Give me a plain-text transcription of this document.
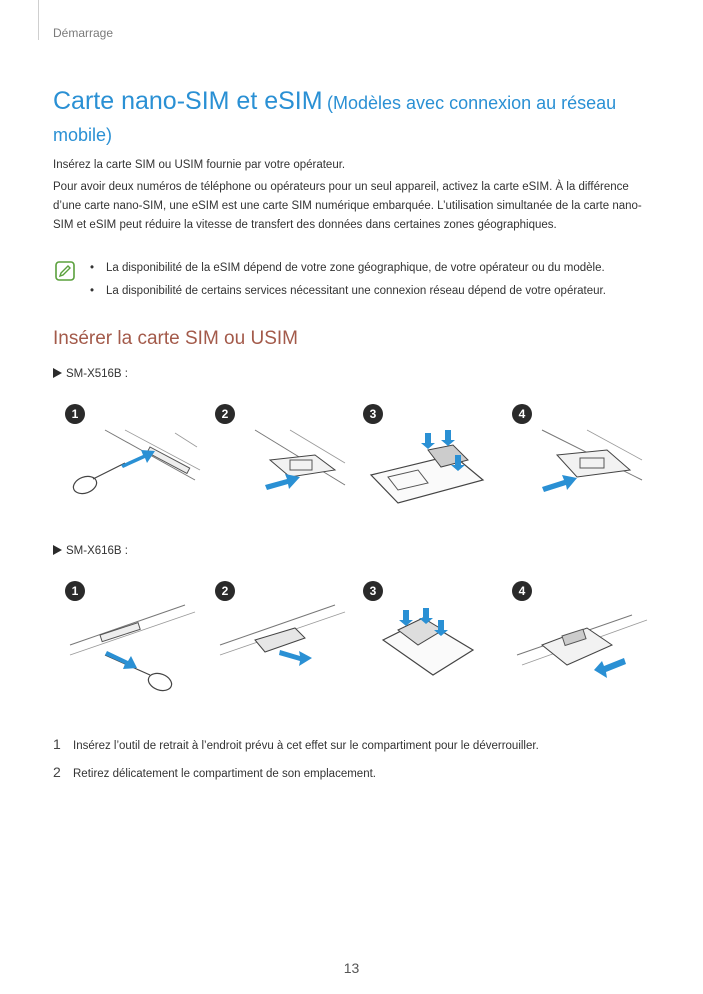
Démarrage
Carte nano-SIM et eSIM (Modèles avec connexion au réseau mobile)

Insérez la carte SIM ou USIM fournie par votre opérateur.

Pour avoir deux numéros de téléphone ou opérateurs pour un seul appareil, activez la carte eSIM. À la différence d’une carte nano-SIM, une eSIM est une carte SIM numérique embarquée. L’utilisation simultanée de la carte nano-SIM et eSIM peut réduire la vitesse de transfert des données dans certaines zones géographiques.

• La disponibilité de la eSIM dépend de votre zone géographique, de votre opérateur ou du modèle.
• La disponibilité de certains services nécessitant une connexion réseau dépend de votre opérateur.
Insérer la carte SIM ou USIM
SM-X516B :
1	2	3	4
SM-X616B :
1	2	3	4
1 Insérez l’outil de retrait à l’endroit prévu à cet effet sur le compartiment pour le déverrouiller.
2 Retirez délicatement le compartiment de son emplacement.
13
